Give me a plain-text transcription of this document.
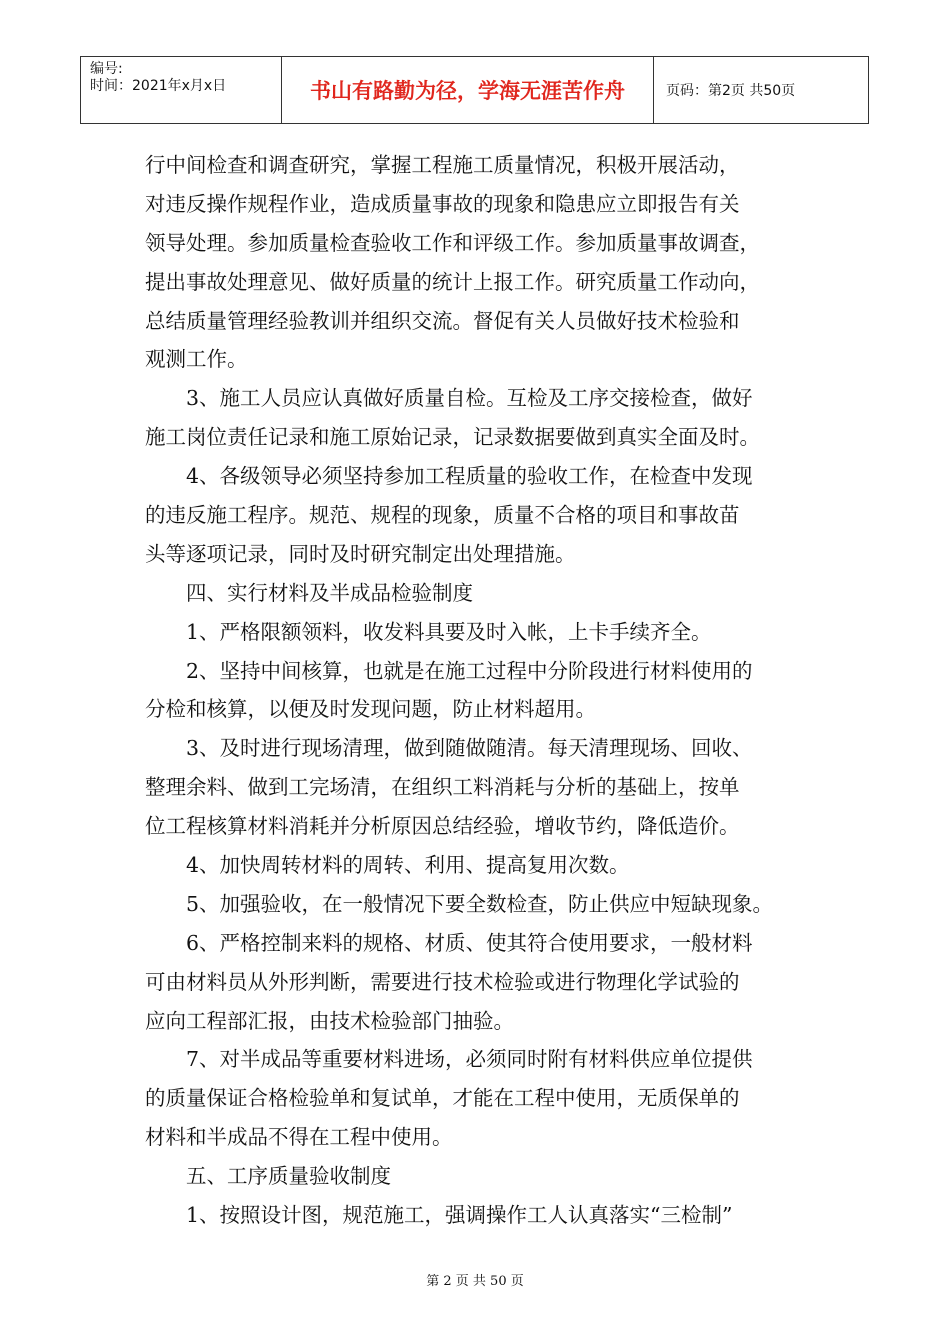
编号:
时间：2021年x月x日	书山有路勤为径，学海无涯苦作舟	页码：第2页 共50页
行中间检查和调查研究，掌握工程施工质量情况，积极开展活动，
对违反操作规程作业，造成质量事故的现象和隐患应立即报告有关
领导处理。参加质量检查验收工作和评级工作。参加质量事故调查，
提出事故处理意见、做好质量的统计上报工作。研究质量工作动向，
总结质量管理经验教训并组织交流。督促有关人员做好技术检验和
观测工作。
3、施工人员应认真做好质量自检。互检及工序交接检查，做好
施工岗位责任记录和施工原始记录，记录数据要做到真实全面及时。
4、各级领导必须坚持参加工程质量的验收工作，在检查中发现
的违反施工程序。规范、规程的现象，质量不合格的项目和事故苗
头等逐项记录，同时及时研究制定出处理措施。
四、实行材料及半成品检验制度
1、严格限额领料，收发料具要及时入帐，上卡手续齐全。
2、坚持中间核算，也就是在施工过程中分阶段进行材料使用的
分检和核算，以便及时发现问题，防止材料超用。
3、及时进行现场清理，做到随做随清。每天清理现场、回收、
整理余料、做到工完场清，在组织工料消耗与分析的基础上，按单
位工程核算材料消耗并分析原因总结经验，增收节约，降低造价。
4、加快周转材料的周转、利用、提高复用次数。
5、加强验收，在一般情况下要全数检查，防止供应中短缺现象。
6、严格控制来料的规格、材质、使其符合使用要求，一般材料
可由材料员从外形判断，需要进行技术检验或进行物理化学试验的
应向工程部汇报，由技术检验部门抽验。
7、对半成品等重要材料进场，必须同时附有材料供应单位提供
的质量保证合格检验单和复试单，才能在工程中使用，无质保单的
材料和半成品不得在工程中使用。
五、工序质量验收制度
1、按照设计图，规范施工，强调操作工人认真落实“三检制”
第 2 页 共 50 页
